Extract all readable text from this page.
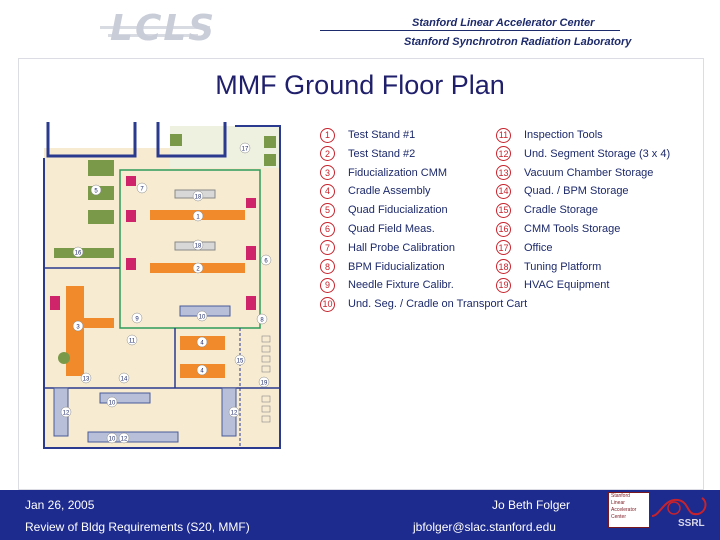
LCLS	Stanford Linear Accelerator Center
Stanford Synchrotron Radiation Laboratory
MMF Ground Floor Plan
17
5	7
18
1
16
18
2
6
3
9	10	8
11	4
15
4
13	14
19
10
12	12
10 12
1	Test Stand #1
2	Test Stand #2
3	Fiducialization CMM
4	Cradle Assembly
5	Quad Fiducialization
6	Quad Field Meas.
7	Hall Probe Calibration
8	BPM Fiducialization
9	Needle Fixture Calibr.
10 Und. Seg. / Cradle on Transport Cart
11 Inspection Tools
12 Und. Segment Storage (3 x 4)
13 Vacuum Chamber Storage
14 Quad. / BPM Storage
15 Cradle Storage
16 CMM Tools Storage
17 Office
18 Tuning Platform
19 HVAC Equipment
Jan 26, 2005
Review of Bldg Requirements (S20, MMF)
Jo Beth Folger
jbfolger@slac.stanford.edu
Stanford
Linear
Accelerator
Center
SSRL
